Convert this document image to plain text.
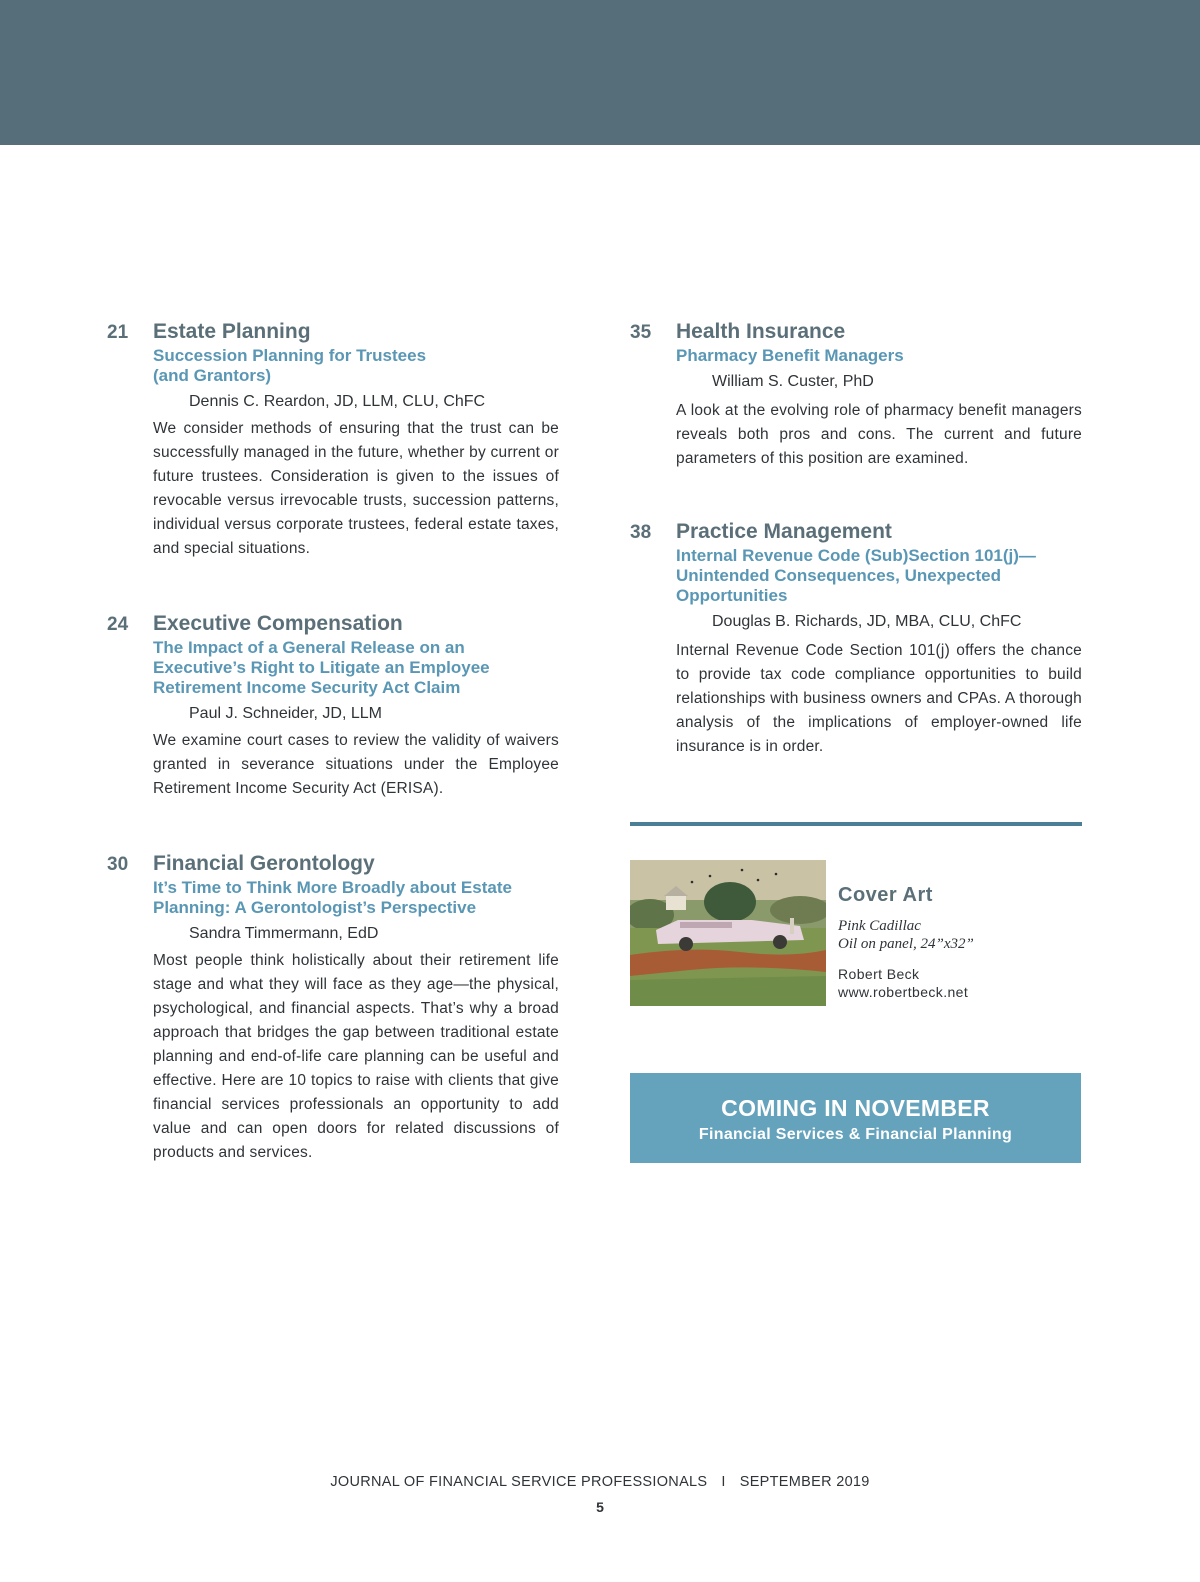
21 Estate Planning

Succession Planning for Trustees
(and Grantors)

Dennis C. Reardon, JD, LLM, CLU, ChFC

We consider methods of ensuring that the trust can be successfully managed in the future, whether by current or future trustees. Consideration is given to the issues of revocable versus irrevocable trusts, succession patterns, individual versus corporate trustees, federal estate taxes, and special situations.

24 Executive Compensation

The Impact of a General Release on an
Executive’s Right to Litigate an Employee
Retirement Income Security Act Claim

Paul J. Schneider, JD, LLM

We examine court cases to review the validity of waivers granted in severance situations under the Employee Retirement Income Security Act (ERISA).

30 Financial Gerontology

It’s Time to Think More Broadly about Estate
Planning: A Gerontologist’s Perspective

Sandra Timmermann, EdD

Most people think holistically about their retirement life stage and what they will face as they age—the physical, psychological, and financial aspects. That’s why a broad approach that bridges the gap between traditional estate planning and end-of-life care planning can be useful and effective. Here are 10 topics to raise with clients that give financial services professionals an opportunity to add value and can open doors for related discussions of products and services.

35 Health Insurance

Pharmacy Benefit Managers

William S. Custer, PhD

A look at the evolving role of pharmacy benefit managers reveals both pros and cons. The current and future parameters of this position are examined.

38 Practice Management

Internal Revenue Code (Sub)Section 101(j)—
Unintended Consequences, Unexpected
Opportunities

Douglas B. Richards, JD, MBA, CLU, ChFC

Internal Revenue Code Section 101(j) offers the chance to provide tax code compliance opportunities to build relationships with business owners and CPAs. A thorough analysis of the implications of employer-owned life insurance is in order.

Cover Art

Pink Cadillac

Oil on panel, 24”x32”

Robert Beck

www.robertbeck.net

COMING IN NOVEMBER

Financial Services & Financial Planning

JOURNAL OF FINANCIAL SERVICE PROFESSIONALS I SEPTEMBER 2019
5
